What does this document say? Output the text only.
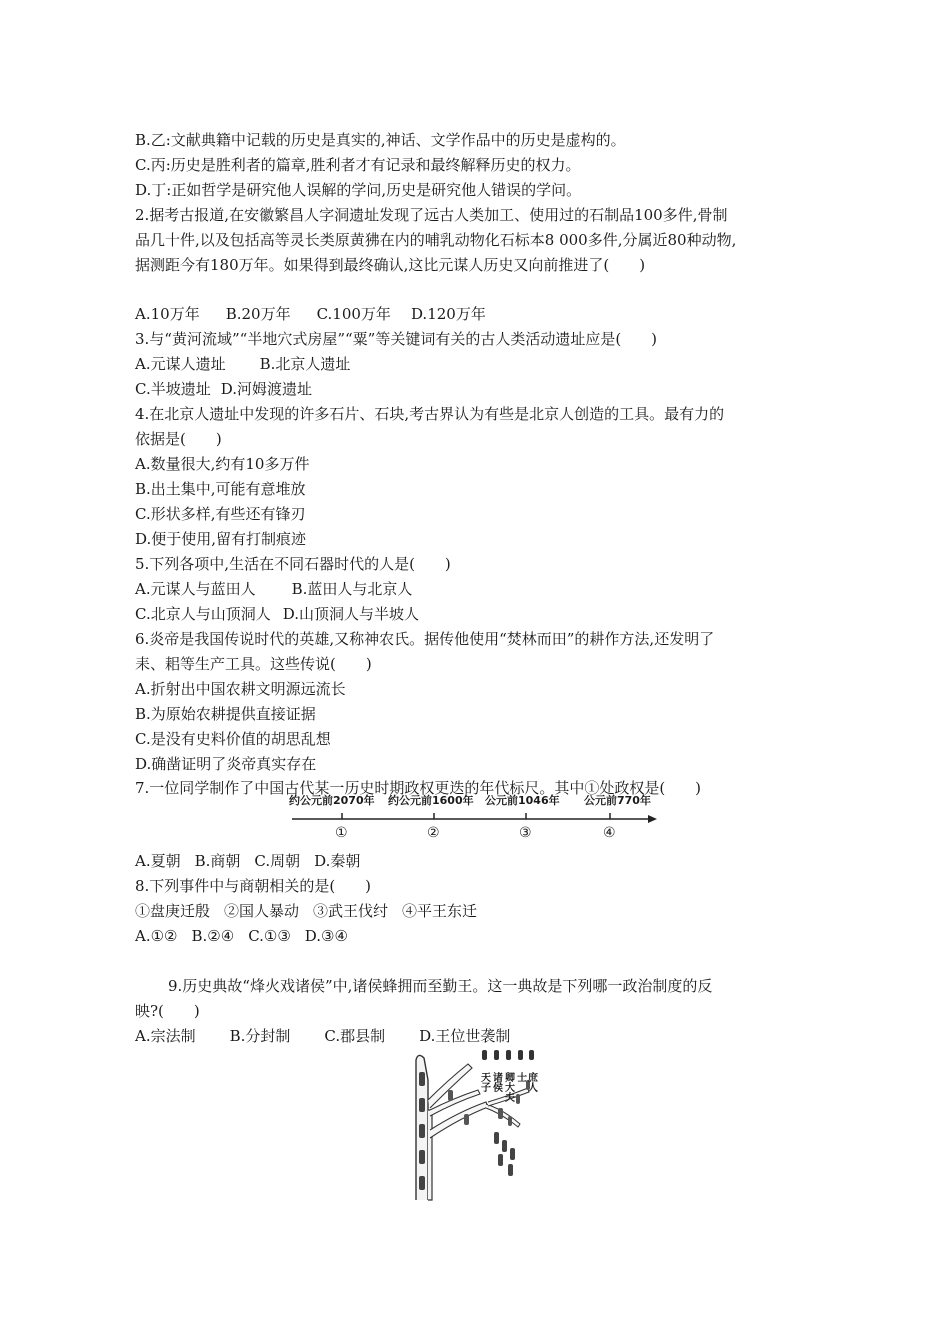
B.乙:文献典籍中记载的历史是真实的,神话、文学作品中的历史是虚构的。
C.丙:历史是胜利者的篇章,胜利者才有记录和最终解释历史的权力。
D.丁:正如哲学是研究他人误解的学问,历史是研究他人错误的学问。
2.据考古报道,在安徽繁昌人字洞遗址发现了远古人类加工、使用过的石制品100多件,骨制
品几十件,以及包括高等灵长类原黄狒在内的哺乳动物化石标本8 000多件,分属近80种动物,
据测距今有180万年。如果得到最终确认,这比元谋人历史又向前推进了(　　)
A.10万年 B.20万年 C.100万年 D.120万年
3.与“黄河流域”“半地穴式房屋”“粟”等关键词有关的古人类活动遗址应是(　　)
A.元谋人遗址 B.北京人遗址
C.半坡遗址 D.河姆渡遗址
4.在北京人遗址中发现的许多石片、石块,考古界认为有些是北京人创造的工具。最有力的
依据是(　　)
A.数量很大,约有10多万件
B.出土集中,可能有意堆放
C.形状多样,有些还有锋刃
D.便于使用,留有打制痕迹
5.下列各项中,生活在不同石器时代的人是(　　)
A.元谋人与蓝田人 B.蓝田人与北京人
C.北京人与山顶洞人 D.山顶洞人与半坡人
6.炎帝是我国传说时代的英雄,又称神农氏。据传他使用“焚林而田”的耕作方法,还发明了
耒、耜等生产工具。这些传说(　　)
A.折射出中国农耕文明源远流长
B.为原始农耕提供直接证据
C.是没有史料价值的胡思乱想
D.确凿证明了炎帝真实存在
7.一位同学制作了中国古代某一历史时期政权更迭的年代标尺。其中①处政权是(　　)
约公元前2070年 约公元前1600年 公元前1046年 公元前770年
①	②	③	④
A.夏朝 B.商朝 C.周朝 D.秦朝
8.下列事件中与商朝相关的是(　　)
①盘庚迁殷 ②国人暴动 ③武王伐纣 ④平王东迁
A.①② B.②④ C.①③ D.③④
9.历史典故“烽火戏诸侯”中,诸侯蜂拥而至勤王。这一典故是下列哪一政治制度的反
映?(　　)
A.宗法制 B.分封制 C.郡县制 D.王位世袭制
天子 诸侯 卿大夫 士 庶人
